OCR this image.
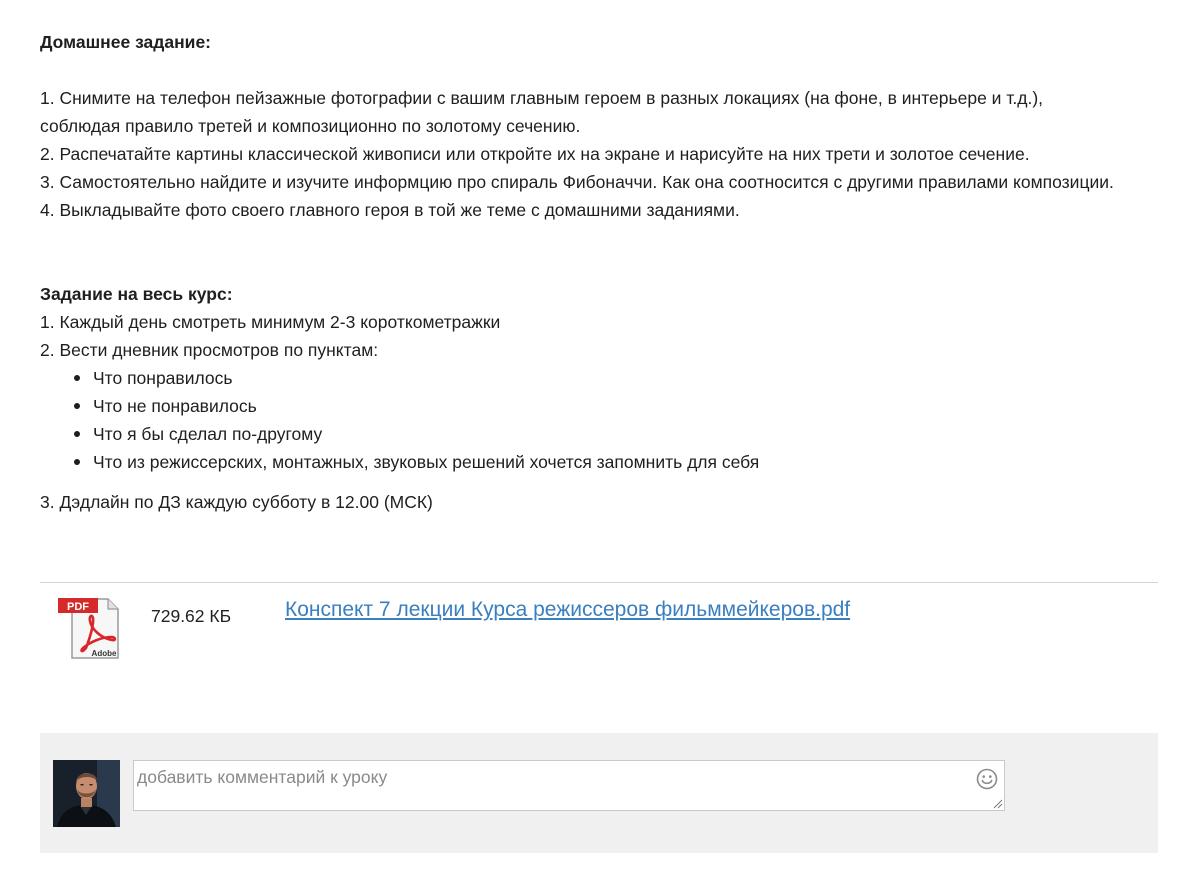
Домашнее задание:

1. Снимите на телефон пейзажные фотографии с вашим главным героем в разных локациях (на фоне, в интерьере и т.д.),

соблюдая правило третей и композиционно по золотому сечению.

2. Распечатайте картины классической живописи или откройте их на экране и нарисуйте на них трети и золотое сечение.

3. Самостоятельно найдите и изучите информцию про спираль Фибоначчи. Как она соотносится с другими правилами композиции.

4. Выкладывайте фото своего главного героя в той же теме с домашними заданиями.

Задание на весь курс:

1. Каждый день смотреть минимум 2-3 короткометражки

2. Вести дневник просмотров по пунктам:

Что понравилось
Что не понравилось
Что я бы сделал по-другому
Что из режиссерских, монтажных, звуковых решений хочется запомнить для себя

3. Дэдлайн по ДЗ каждую субботу в 12.00 (МСК)

PDF
Adobe
729.62 КБ	Конспект 7 лекции Курса режиссеров фильммейкеров.pdf
добавить комментарий к уроку
